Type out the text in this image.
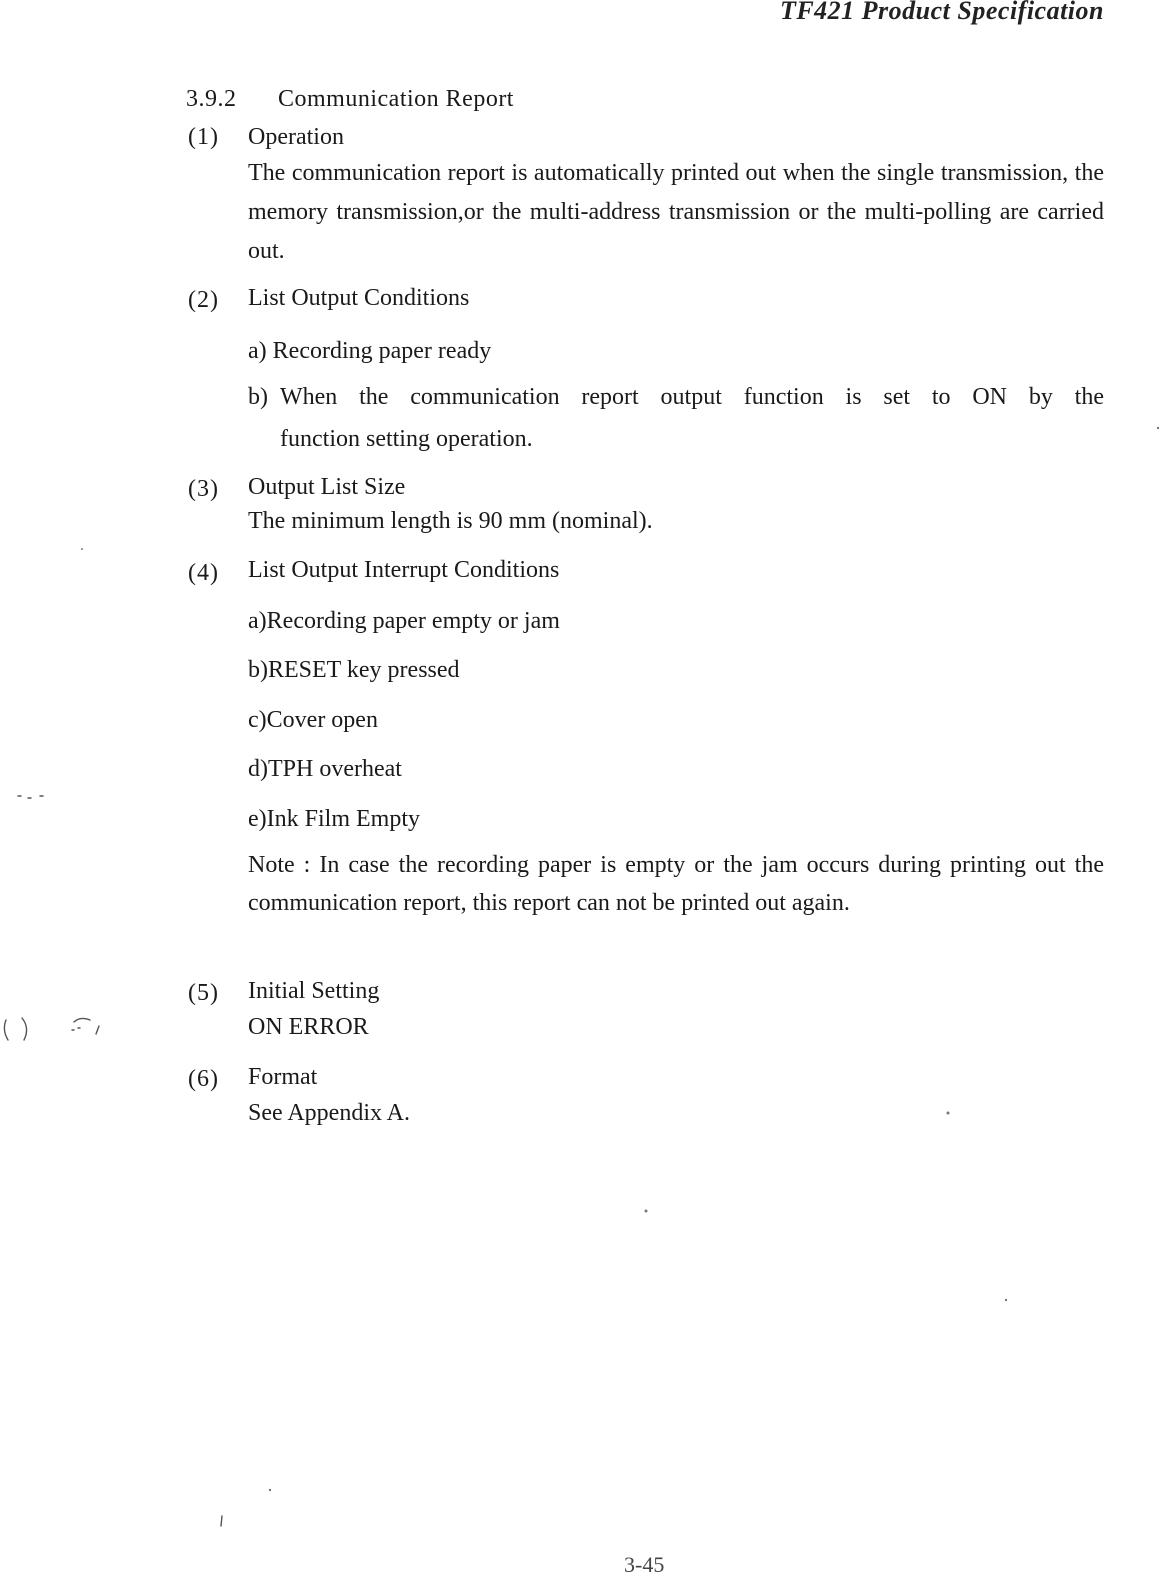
TF421 Product Specification
3.9.2 Communication Report
(1) Operation
The communication report is automatically printed out when the single transmission, the memory transmission,or the multi-address transmission or the multi-polling are carried out.
(2) List Output Conditions
a) Recording paper ready
b) When the communication report output function is set to ON by the
function setting operation.
(3) Output List Size
The minimum length is 90 mm (nominal).
(4) List Output Interrupt Conditions
a)Recording paper empty or jam
b)RESET key pressed
c)Cover open
d)TPH overheat
e)Ink Film Empty
Note : In case the recording paper is empty or the jam occurs during printing out the communication report, this report can not be printed out again.
(5) Initial Setting
ON ERROR
(6) Format
See Appendix A.
3-45
